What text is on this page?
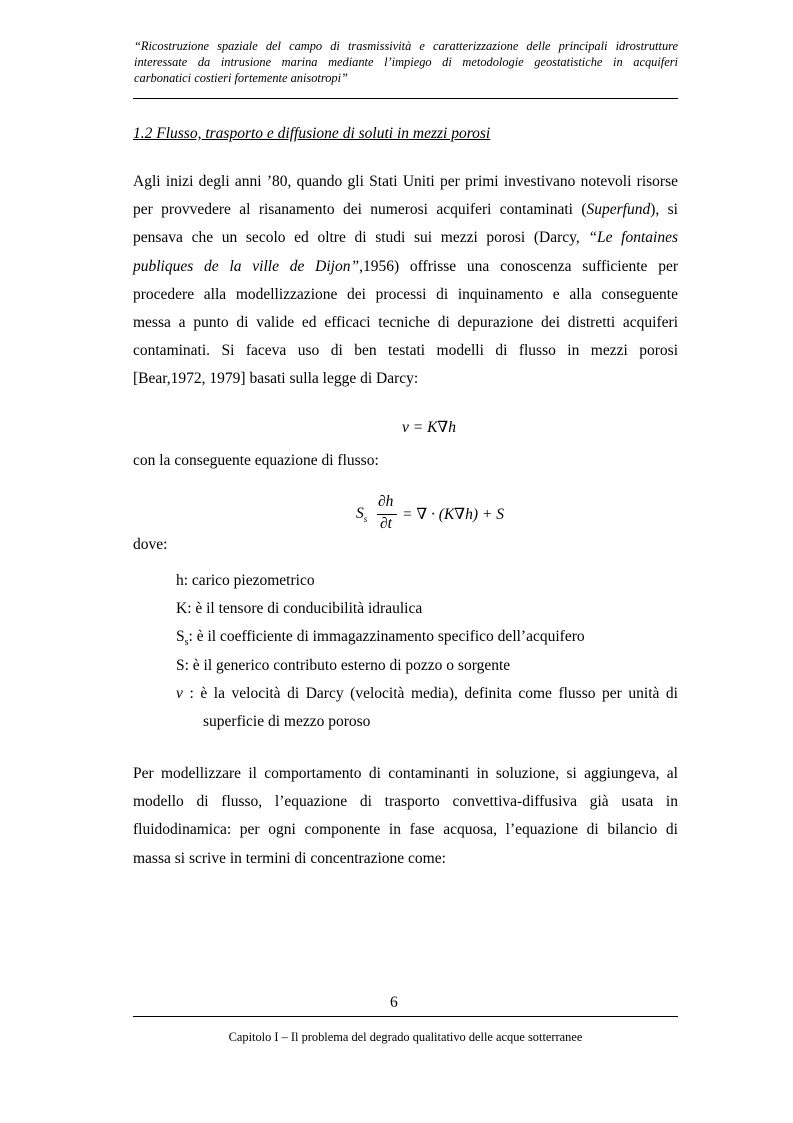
“Ricostruzione spaziale del campo di trasmissività e caratterizzazione delle principali idrostrutture
interessate da intrusione marina mediante l’impiego di metodologie geostatistiche in acquiferi
carbonatici costieri fortemente anisotropi”
1.2 Flusso, trasporto e diffusione di soluti in mezzi porosi
Agli inizi degli anni ’80, quando gli Stati Uniti per primi investivano notevoli risorse
per provvedere al risanamento dei numerosi acquiferi contaminati (Superfund), si
pensava che un secolo ed oltre di studi sui mezzi porosi (Darcy, “Le fontaines
publiques de la ville de Dijon”,1956) offrisse una conoscenza sufficiente per
procedere alla modellizzazione dei processi di inquinamento e alla conseguente
messa a punto di valide ed efficaci tecniche di depurazione dei distretti acquiferi
contaminati. Si faceva uso di ben testati modelli di flusso in mezzi porosi
[Bear,1972, 1979] basati sulla legge di Darcy:
v = K∇h
con la conseguente equazione di flusso:
$S_s$
∂h
∂t
= ∇ · (K∇h) + S
dove:
h: carico piezometrico
K: è il tensore di conducibilità idraulica
$S_s$: è il coefficiente di immagazzinamento specifico dell’acquifero
S: è il generico contributo esterno di pozzo o sorgente
v : è la velocità di Darcy (velocità media), definita come flusso per unità di
superficie di mezzo poroso
Per modellizzare il comportamento di contaminanti in soluzione, si aggiungeva, al
modello di flusso, l’equazione di trasporto convettiva-diffusiva già usata in
fluidodinamica: per ogni componente in fase acquosa, l’equazione di bilancio di
massa si scrive in termini di concentrazione come:
6
Capitolo I – Il problema del degrado qualitativo delle acque sotterranee
